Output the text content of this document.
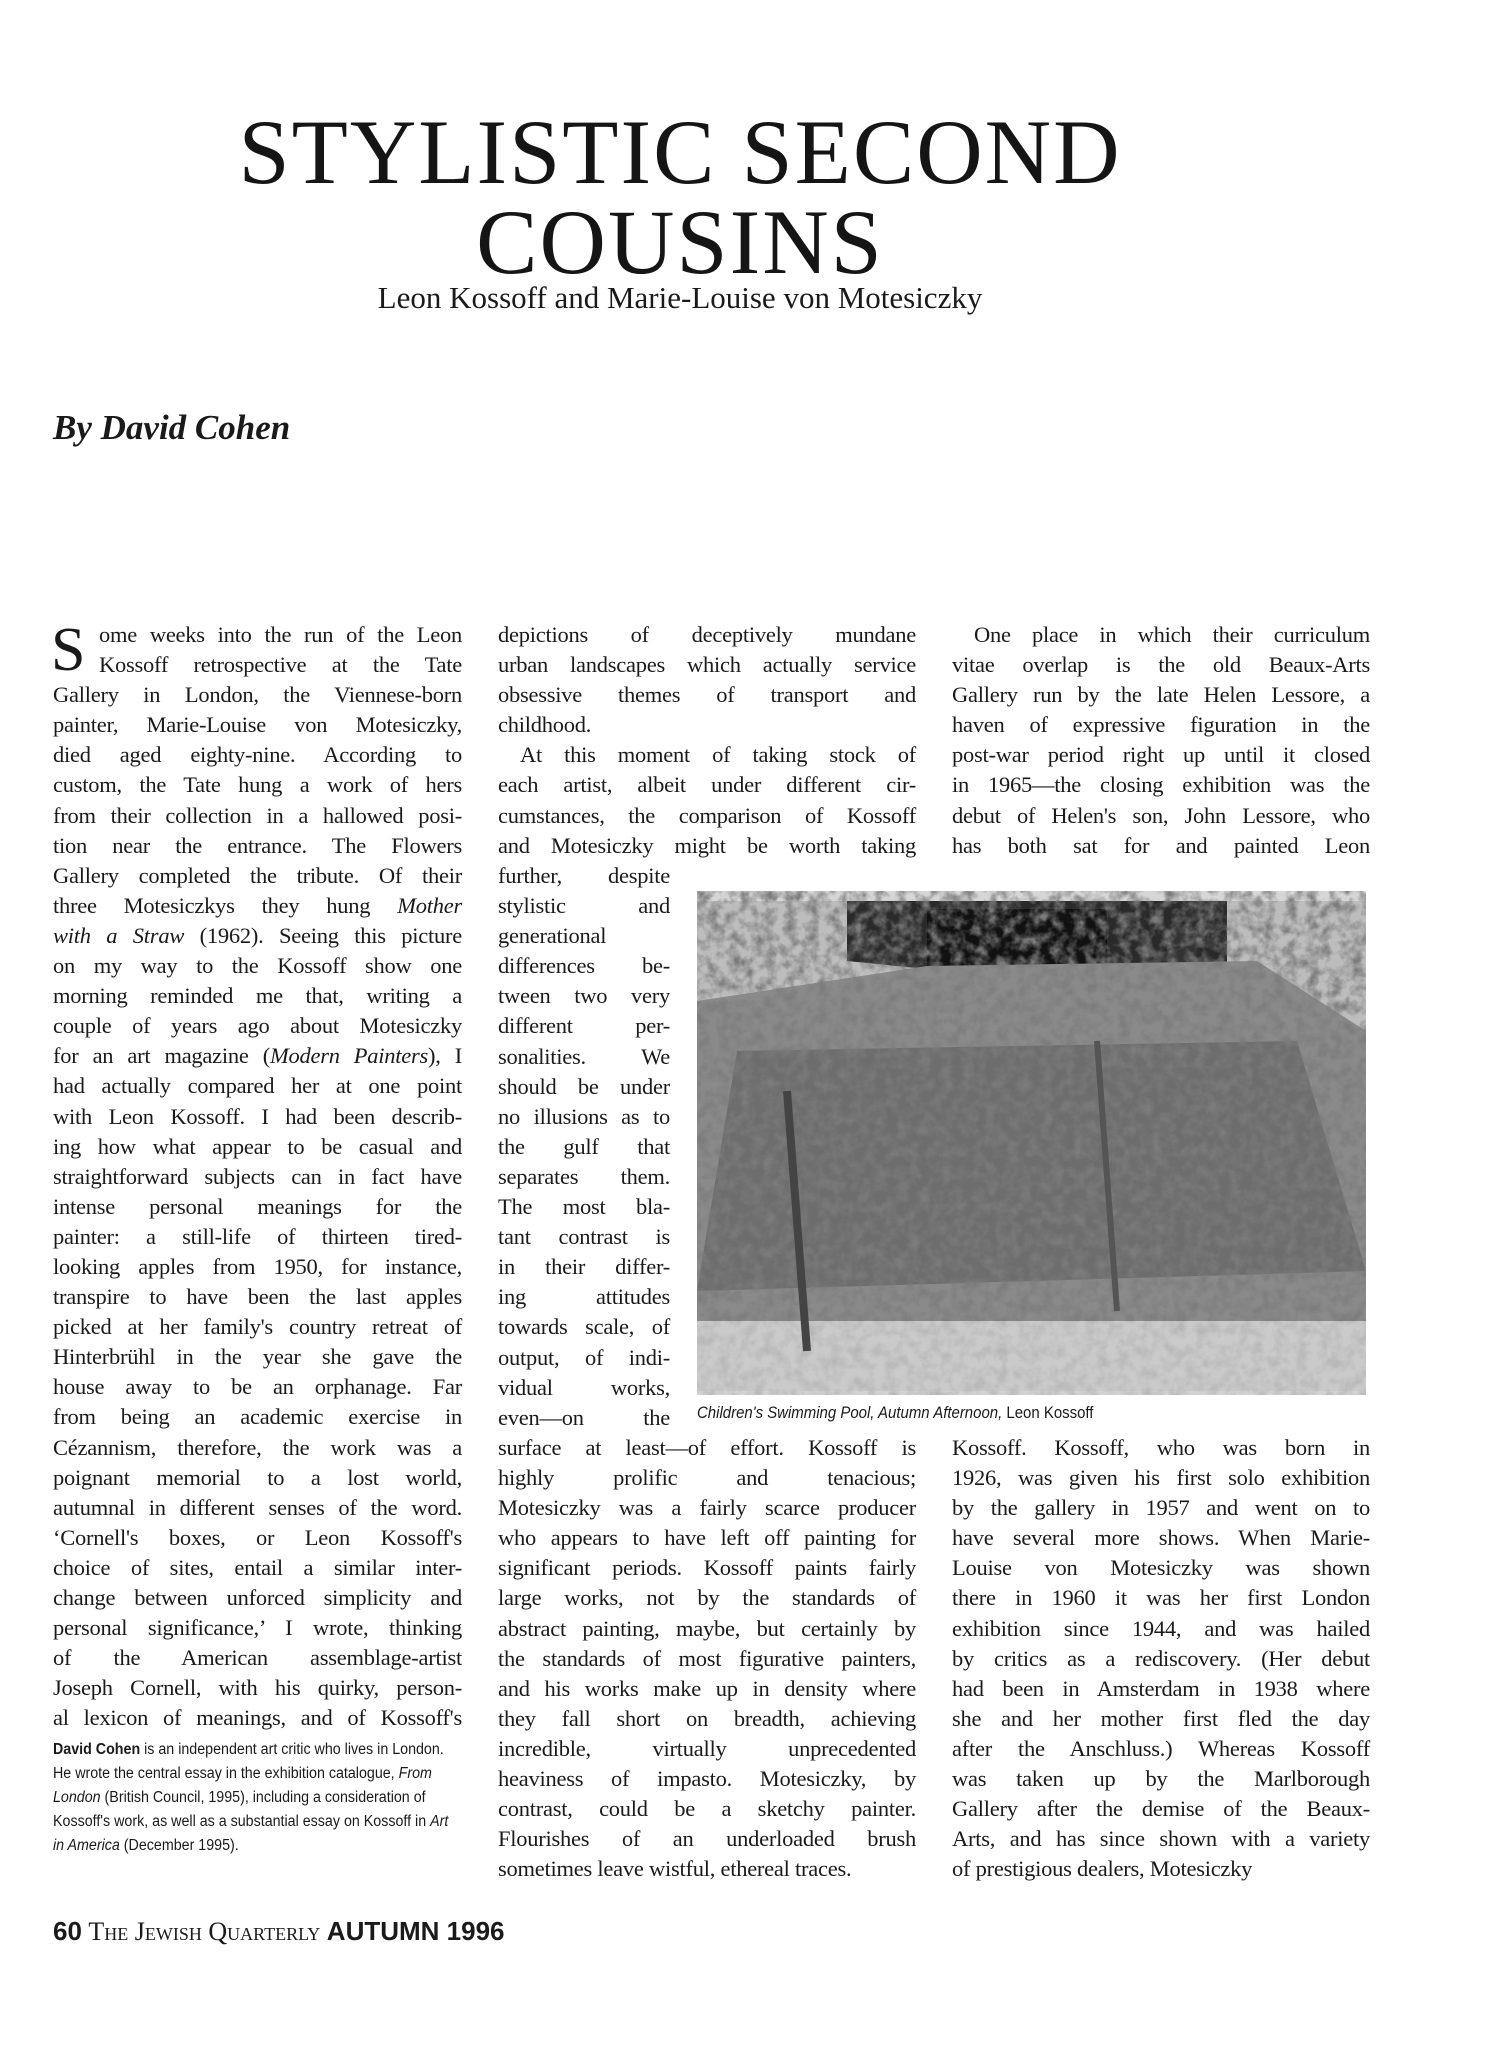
STYLISTIC SECOND
COUSINS
Leon Kossoff and Marie-Louise von Motesiczky
By David Cohen
S ome weeks into the run of the Leon
Kossoff retrospective at the Tate
Gallery in London, the Viennese-born
painter, Marie-Louise von Motesiczky,
died aged eighty-nine. According to
custom, the Tate hung a work of hers
from their collection in a hallowed posi-
tion near the entrance. The Flowers
Gallery completed the tribute. Of their
three Motesiczkys they hung Mother
with a Straw (1962). Seeing this picture
on my way to the Kossoff show one
morning reminded me that, writing a
couple of years ago about Motesiczky
for an art magazine (Modern Painters), I
had actually compared her at one point
with Leon Kossoff. I had been describ-
ing how what appear to be casual and
straightforward subjects can in fact have
intense personal meanings for the
painter: a still-life of thirteen tired-
looking apples from 1950, for instance,
transpire to have been the last apples
picked at her family's country retreat of
Hinterbrühl in the year she gave the
house away to be an orphanage. Far
from being an academic exercise in
Cézannism, therefore, the work was a
poignant memorial to a lost world,
autumnal in different senses of the word.
‘Cornell's boxes, or Leon Kossoff's
choice of sites, entail a similar inter-
change between unforced simplicity and
personal significance,’ I wrote, thinking
of the American assemblage-artist
Joseph Cornell, with his quirky, person-
al lexicon of meanings, and of Kossoff's
depictions of deceptively mundane
urban landscapes which actually service
obsessive themes of transport and
childhood.
At this moment of taking stock of
each artist, albeit under different cir-
cumstances, the comparison of Kossoff
and Motesiczky might be worth taking
further, despite
stylistic and
generational
differences be-
tween two very
different per-
sonalities. We
should be under
no illusions as to
the gulf that
separates them.
The most bla-
tant contrast is
in their differ-
ing attitudes
towards scale, of
output, of indi-
vidual works,
even—on the
surface at least—of effort. Kossoff is
highly prolific and tenacious;
Motesiczky was a fairly scarce producer
who appears to have left off painting for
significant periods. Kossoff paints fairly
large works, not by the standards of
abstract painting, maybe, but certainly by
the standards of most figurative painters,
and his works make up in density where
they fall short on breadth, achieving
incredible, virtually unprecedented
heaviness of impasto. Motesiczky, by
contrast, could be a sketchy painter.
Flourishes of an underloaded brush
sometimes leave wistful, ethereal traces.
One place in which their curriculum
vitae overlap is the old Beaux-Arts
Gallery run by the late Helen Lessore, a
haven of expressive figuration in the
post-war period right up until it closed
in 1965—the closing exhibition was the
debut of Helen's son, John Lessore, who
has both sat for and painted Leon
Kossoff. Kossoff, who was born in
1926, was given his first solo exhibition
by the gallery in 1957 and went on to
have several more shows. When Marie-
Louise von Motesiczky was shown
there in 1960 it was her first London
exhibition since 1944, and was hailed
by critics as a rediscovery. (Her debut
had been in Amsterdam in 1938 where
she and her mother first fled the day
after the Anschluss.) Whereas Kossoff
was taken up by the Marlborough
Gallery after the demise of the Beaux-
Arts, and has since shown with a variety
of prestigious dealers, Motesiczky
David Cohen is an independent art critic who lives in London. He wrote the central essay in the exhibition catalogue, From London (British Council, 1995), including a consideration of Kossoff's work, as well as a substantial essay on Kossoff in Art in America (December 1995).
Children's Swimming Pool, Autumn Afternoon, Leon Kossoff
60 The Jewish Quarterly AUTUMN 1996
